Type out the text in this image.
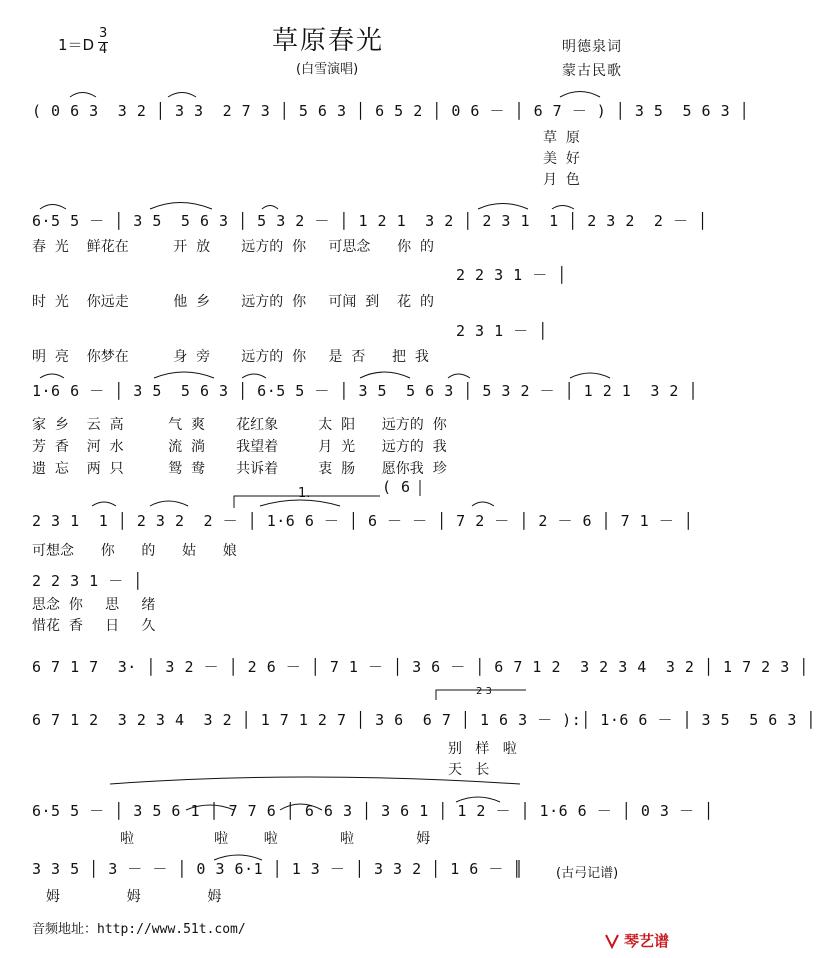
1＝D
3
4	草原春光
(白雪演唱)
明德泉词
蒙古民歌
( 0 6 3  3 2 │ 3 3  2 7 3 │ 5 6 3 │ 6 5 2 │ 0 6 － │ 6 7 － ) │ 3 5  5 6 3 │
草  原
美  好
月  色
6·5 5 － │ 3 5  5 6 3 │ 5 3 2 － │ 1 2 1  3 2 │ 2 3 1  1 │ 2 3 2  2 － │
春  光    鲜花在          开  放       远方的  你     可思念      你  的
2 2 3 1 － │
时  光    你远走          他  乡       远方的  你     可闻  到    花  的
2 3 1 － │
明  亮    你梦在          身  旁       远方的  你     是  否      把  我
1·6 6 － │ 3 5  5 6 3 │ 6·5 5 － │ 3 5  5 6 3 │ 5 3 2 － │ 1 2 1  3 2 │
家  乡    云  高          气  爽       花红象         太  阳      远方的  你
芳  香    河  水          流  淌       我望着         月  光      远方的  我
遗  忘    两  只          鸳  鸯       共诉着         衷  肠      愿你我  珍
1.	( 6
2 3 1  1 │ 2 3 2  2 － │ 1·6 6 － │ 6 － － │ 7 2 － │ 2 － 6 │ 7 1 － │
可想念      你      的      姑      娘
2 2 3 1 － │
思念  你     思     绪
惜花  香     日     久
6 7 1 7  3· │ 3 2 － │ 2 6 － │ 7 1 － │ 3 6 － │ 6 7 1 2  3 2 3 4  3 2 │ 1 7 2 3 │
2 3
6 7 1 2  3 2 3 4  3 2 │ 1 7 1 2 7 │ 3 6  6 7 │ 1 6 3 － ):│ 1·6 6 － │ 3 5  5 6 3 │
别   样   啦
天   长
6·5 5 － │ 3 5 6 1 │ 7 7 6 │ 6 6 3 │ 3 6 1 │ 1 2 － │ 1·6 6 － │ 0 3 － │
啦                  啦        啦              啦              姆
3 3 5 │ 3 － － │ 0 3 6·1 │ 1 3 － │ 3 3 2 │ 1 6 － ║
姆               姆               姆
(古弓记谱)
音频地址：http://www.51t.com/
琴艺谱
